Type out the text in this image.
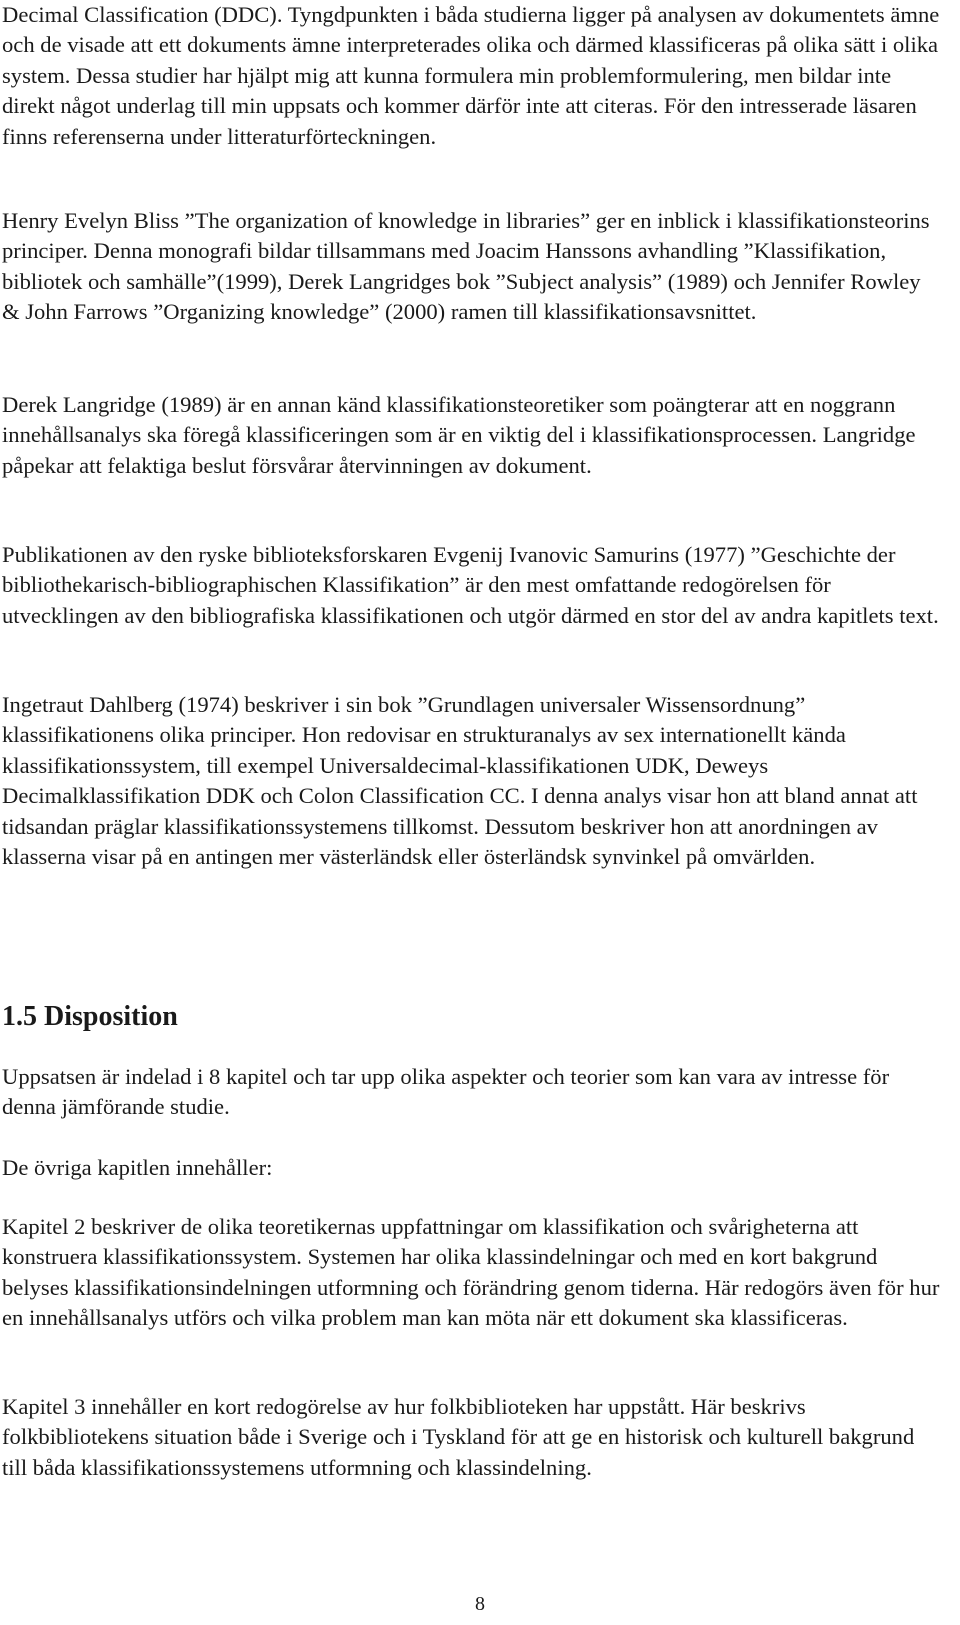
Decimal Classification (DDC). Tyngdpunkten i båda studierna ligger på analysen av dokumentets ämne och de visade att ett dokuments ämne interpreterades olika och därmed klassificeras på olika sätt i olika system. Dessa studier har hjälpt mig att kunna formulera min problemformulering, men bildar inte direkt något underlag till min uppsats och kommer därför inte att citeras. För den intresserade läsaren finns referenserna under litteraturförteckningen.

Henry Evelyn Bliss ”The organization of knowledge in libraries” ger en inblick i klassifikationsteorins principer. Denna monografi bildar tillsammans med Joacim Hanssons avhandling ”Klassifikation, bibliotek och samhälle”(1999), Derek Langridges bok ”Subject analysis” (1989) och Jennifer Rowley & John Farrows ”Organizing knowledge” (2000) ramen till klassifikationsavsnittet.

Derek Langridge (1989) är en annan känd klassifikationsteoretiker som poängterar att en noggrann innehållsanalys ska föregå klassificeringen som är en viktig del i klassifikationsprocessen. Langridge påpekar att felaktiga beslut försvårar återvinningen av dokument.

Publikationen av den ryske biblioteksforskaren Evgenij Ivanovic Samurins (1977) ”Geschichte der bibliothekarisch-bibliographischen Klassifikation” är den mest omfattande redogörelsen för utvecklingen av den bibliografiska klassifikationen och utgör därmed en stor del av andra kapitlets text.

Ingetraut Dahlberg (1974) beskriver i sin bok ”Grundlagen universaler Wissensordnung” klassifikationens olika principer. Hon redovisar en strukturanalys av sex internationellt kända klassifikationssystem, till exempel Universaldecimal-klassifikationen UDK, Deweys Decimalklassifikation DDK och Colon Classification CC. I denna analys visar hon att bland annat att tidsandan präglar klassifikationssystemens tillkomst. Dessutom beskriver hon att anordningen av klasserna visar på en antingen mer västerländsk eller österländsk synvinkel på omvärlden.

1.5 Disposition

Uppsatsen är indelad i 8 kapitel och tar upp olika aspekter och teorier som kan vara av intresse för denna jämförande studie.

De övriga kapitlen innehåller:

Kapitel 2 beskriver de olika teoretikernas uppfattningar om klassifikation och svårigheterna att konstruera klassifikationssystem. Systemen har olika klassindelningar och med en kort bakgrund belyses klassifikationsindelningen utformning och förändring genom tiderna. Här redogörs även för hur en innehållsanalys utförs och vilka problem man kan möta när ett dokument ska klassificeras.

Kapitel 3 innehåller en kort redogörelse av hur folkbiblioteken har uppstått. Här beskrivs folkbibliotekens situation både i Sverige och i Tyskland för att ge en historisk och kulturell bakgrund till båda klassifikationssystemens utformning och klassindelning.

8
